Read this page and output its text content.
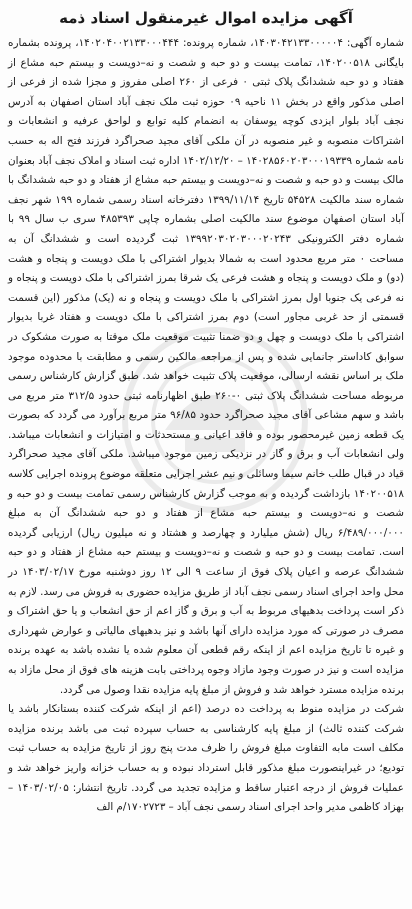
آگهی مزایده اموال غیرمنقول اسناد ذمه

شماره آگهی: ۱۴۰۳۰۴۲۱۳۳۰۰۰۰۰۴، شماره پرونده: ۱۴۰۲۰۴۰۰۲۱۳۳۰۰۰۴۴۴، پرونده بشماره بایگانی ۱۴۰۲۰۰۵۱۸، تمامت بیست و دو حبه و شصت و نه–دویست و بیستم حبه مشاع از هفتاد و دو حبه ششدانگ پلاک ثبتی ۰ فرعی از ۲۶۰ اصلی مفروز و مجزا شده از فرعی از اصلی مذکور واقع در بخش ۱۱ ناحیه ۰۹ حوزه ثبت ملک نجف آباد استان اصفهان به آدرس نجف آباد بلوار ایزدی کوچه یوسفان به انضمام کلیه توابع و لواحق عرفیه و انشعابات و اشتراکات منصوبه و غیر منصوبه در آن ملکی آقای مجید صحراگرد فرزند فتح اله به حسب نامه شماره ۱۴۰۲۸۵۶۰۲۰۳۰۰۰۱۹۳۳۹ – ۱۴۰۲/۱۲/۲۰ اداره ثبت اسناد و املاک نجف آباد بعنوان مالک بیست و دو حبه و شصت و نه–دویست و بیستم حبه مشاع از هفتاد و دو حبه ششدانگ با شماره سند مالکیت ۵۴۵۲۸ تاریخ ۱۳۹۹/۱۱/۱۴ دفترخانه اسناد رسمی شماره ۱۹۹ شهر نجف آباد استان اصفهان موضوع سند مالکیت اصلی بشماره چاپی ۴۸۵۳۹۳ سری ب سال ۹۹ با شماره دفتر الکترونیکی ۱۳۹۹۲۰۳۰۲۰۳۰۰۰۲۰۲۴۳ ثبت گردیده است و ششدانگ آن به مساحت ۰ متر مربع محدود است به شمالا بدیوار اشتراکی با ملک دویست و پنجاه و هشت (دو) و ملک دویست و پنجاه و هشت فرعی یک شرقا بمرز اشتراکی با ملک دویست و پنجاه و نه فرعی یک جنوبا اول بمرز اشتراکی با ملک دویست و پنجاه و نه (یک) مذکور (این قسمت قسمتی از حد غربی مجاور است) دوم بمرز اشتراکی با ملک دویست و هفتاد غربا بدیوار اشتراکی با ملک دویست و چهل و دو ضمنا تثبیت موقعیت ملک موقتا به صورت مشکوک در سوابق کاداستر جانمایی شده و پس از مراجعه مالکین رسمی و مطابقت با محدوده موجود ملک بر اساس نقشه ارسالی، موقعیت پلاک تثبیت خواهد شد. طبق گزارش کارشناس رسمی مربوطه مساحت ششدانگ پلاک ثبتی ۰-۲۶۰ طبق اظهارنامه ثبتی حدود ۳۱۲/۵ متر مربع می باشد و سهم مشاعی آقای مجید صحراگرد حدود ۹۶/۸۵ متر مربع برآورد می گردد که بصورت یک قطعه زمین غیرمحصور بوده و فاقد اعیانی و مستحدثات و امتیازات و انشعابات میباشد. ولی انشعابات آب و برق و گاز در نزدیکی زمین موجود میباشد. ملکی آقای مجید صحراگرد قیاد در قبال طلب خانم سیما وسائلی و نیم عشر اجرایی متعلقه موضوع پرونده اجرایی کلاسه ۱۴۰۲۰۰۵۱۸ بازداشت گردیده و به موجب گزارش کارشناس رسمی تمامت بیست و دو حبه و شصت و نه–دویست و بیستم حبه مشاع از هفتاد و دو حبه ششدانگ آن به مبلغ ۶/۴۸۹/۰۰۰/۰۰۰ ریال (شش میلیارد و چهارصد و هشتاد و نه میلیون ریال) ارزیابی گردیده است. تمامت بیست و دو حبه و شصت و نه–دویست و بیستم حبه مشاع از هفتاد و دو حبه ششدانگ عرصه و اعیان پلاک فوق از ساعت ۹ الی ۱۲ روز دوشنبه مورخ ۱۴۰۳/۰۲/۱۷ در محل واحد اجرای اسناد رسمی نجف آباد از طریق مزایده حضوری به فروش می رسد. لازم به ذکر است پرداخت بدهیهای مربوط به آب و برق و گاز اعم از حق انشعاب و یا حق اشتراک و مصرف در صورتی که مورد مزایده دارای آنها باشد و نیز بدهیهای مالیاتی و عوارض شهرداری و غیره تا تاریخ مزایده اعم از اینکه رقم قطعی آن معلوم شده یا نشده باشد به عهده برنده مزایده است و نیز در صورت وجود مازاد وجوه پرداختی بابت هزینه های فوق از محل مازاد به برنده مزایده مسترد خواهد شد و فروش از مبلغ پایه مزایده نقدا وصول می گردد.

شرکت در مزایده منوط به پرداخت ده درصد (اعم از اینکه شرکت کننده بستانکار باشد یا شرکت کننده ثالث) از مبلغ پایه کارشناسی به حساب سپرده ثبت می باشد برنده مزایده مکلف است مابه التفاوت مبلغ فروش را ظرف مدت پنج روز از تاریخ مزایده به حساب ثبت تودیع؛ در غیراینصورت مبلغ مذکور قابل استرداد نبوده و به حساب خزانه واریز خواهد شد و عملیات فروش از درجه اعتبار ساقط و مزایده تجدید می گردد. تاریخ انتشار: ۱۴۰۳/۰۲/۰۵ – بهزاد کاظمی مدیر واحد اجرای اسناد رسمی نجف آباد – ۱۷۰۲۷۲۳/م الف
